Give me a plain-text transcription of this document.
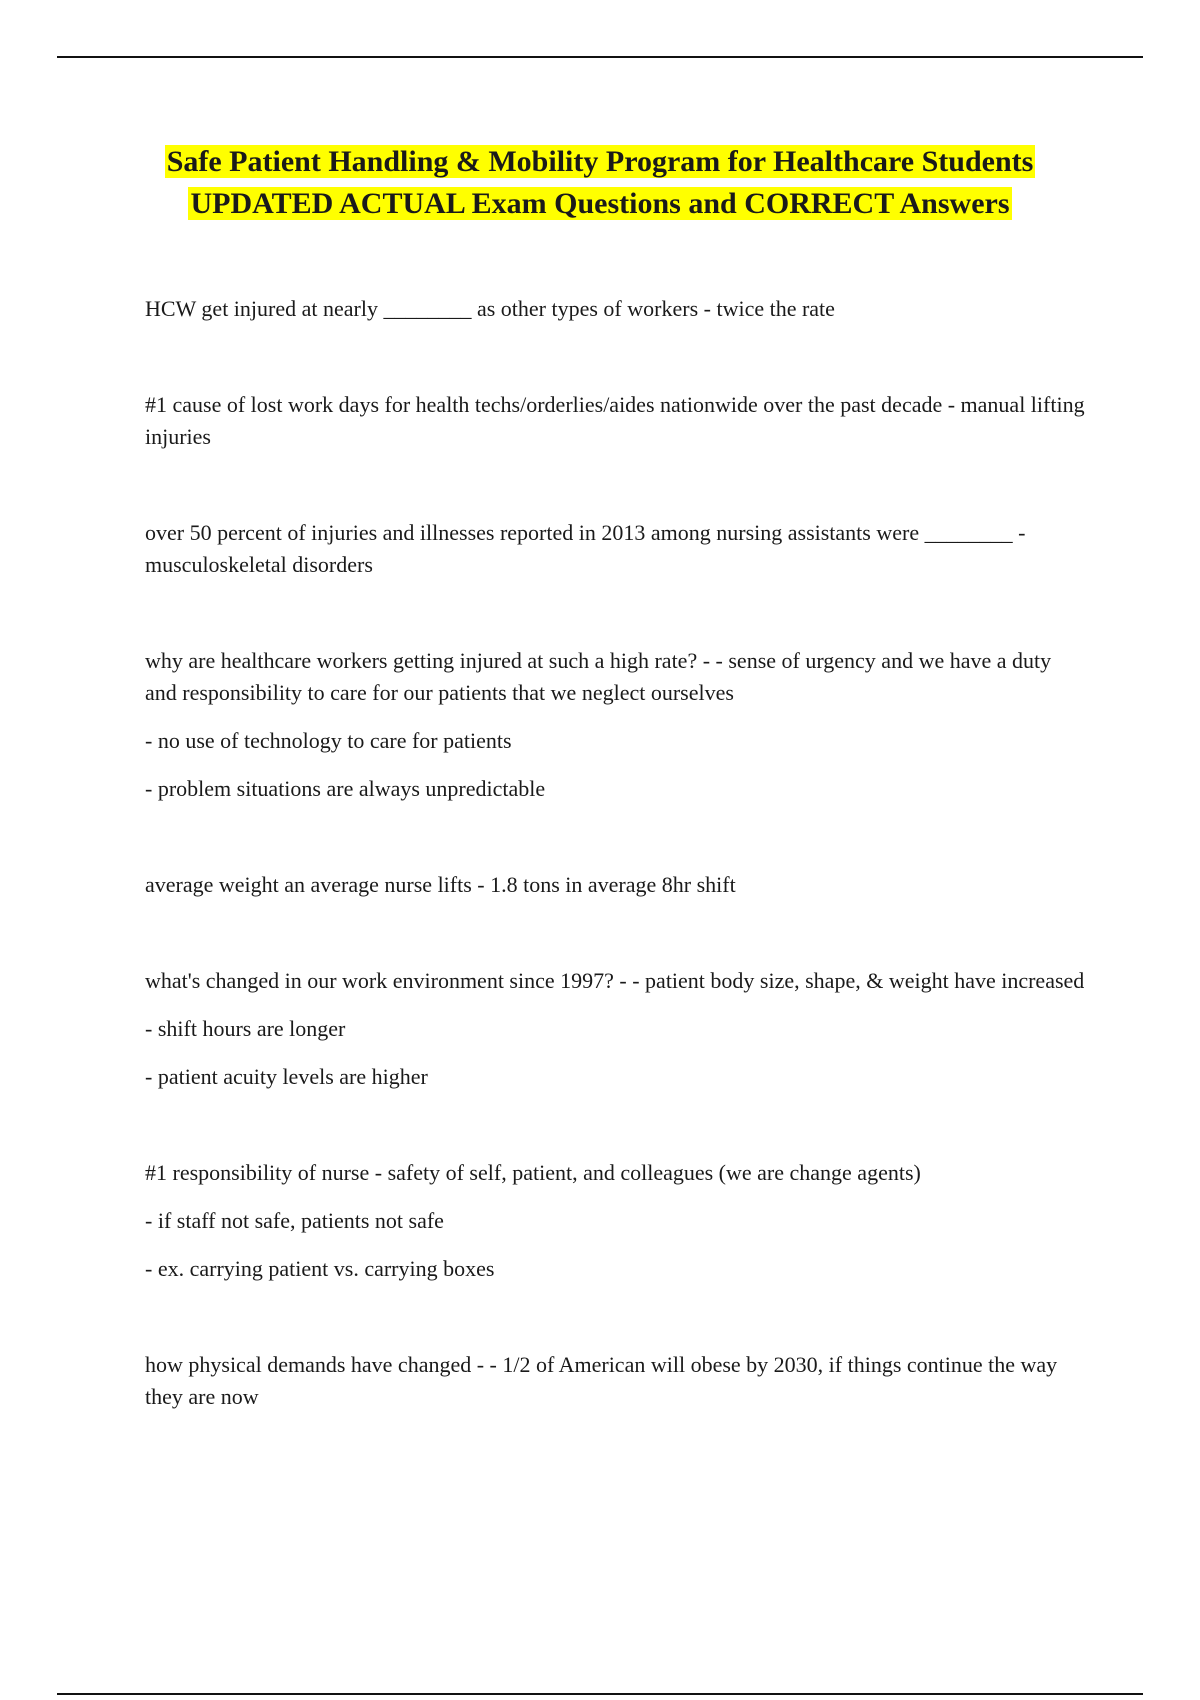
Safe Patient Handling & Mobility Program for Healthcare Students
UPDATED ACTUAL Exam Questions and CORRECT Answers

HCW get injured at nearly ________ as other types of workers - twice the rate

#1 cause of lost work days for health techs/orderlies/aides nationwide over the past decade - manual lifting injuries

over 50 percent of injuries and illnesses reported in 2013 among nursing assistants were ________ - musculoskeletal disorders

why are healthcare workers getting injured at such a high rate? - - sense of urgency and we have a duty and responsibility to care for our patients that we neglect ourselves

- no use of technology to care for patients

- problem situations are always unpredictable

average weight an average nurse lifts - 1.8 tons in average 8hr shift

what's changed in our work environment since 1997? - - patient body size, shape, & weight have increased

- shift hours are longer

- patient acuity levels are higher

#1 responsibility of nurse - safety of self, patient, and colleagues (we are change agents)

- if staff not safe, patients not safe

- ex. carrying patient vs. carrying boxes

how physical demands have changed - - 1/2 of American will obese by 2030, if things continue the way they are now
